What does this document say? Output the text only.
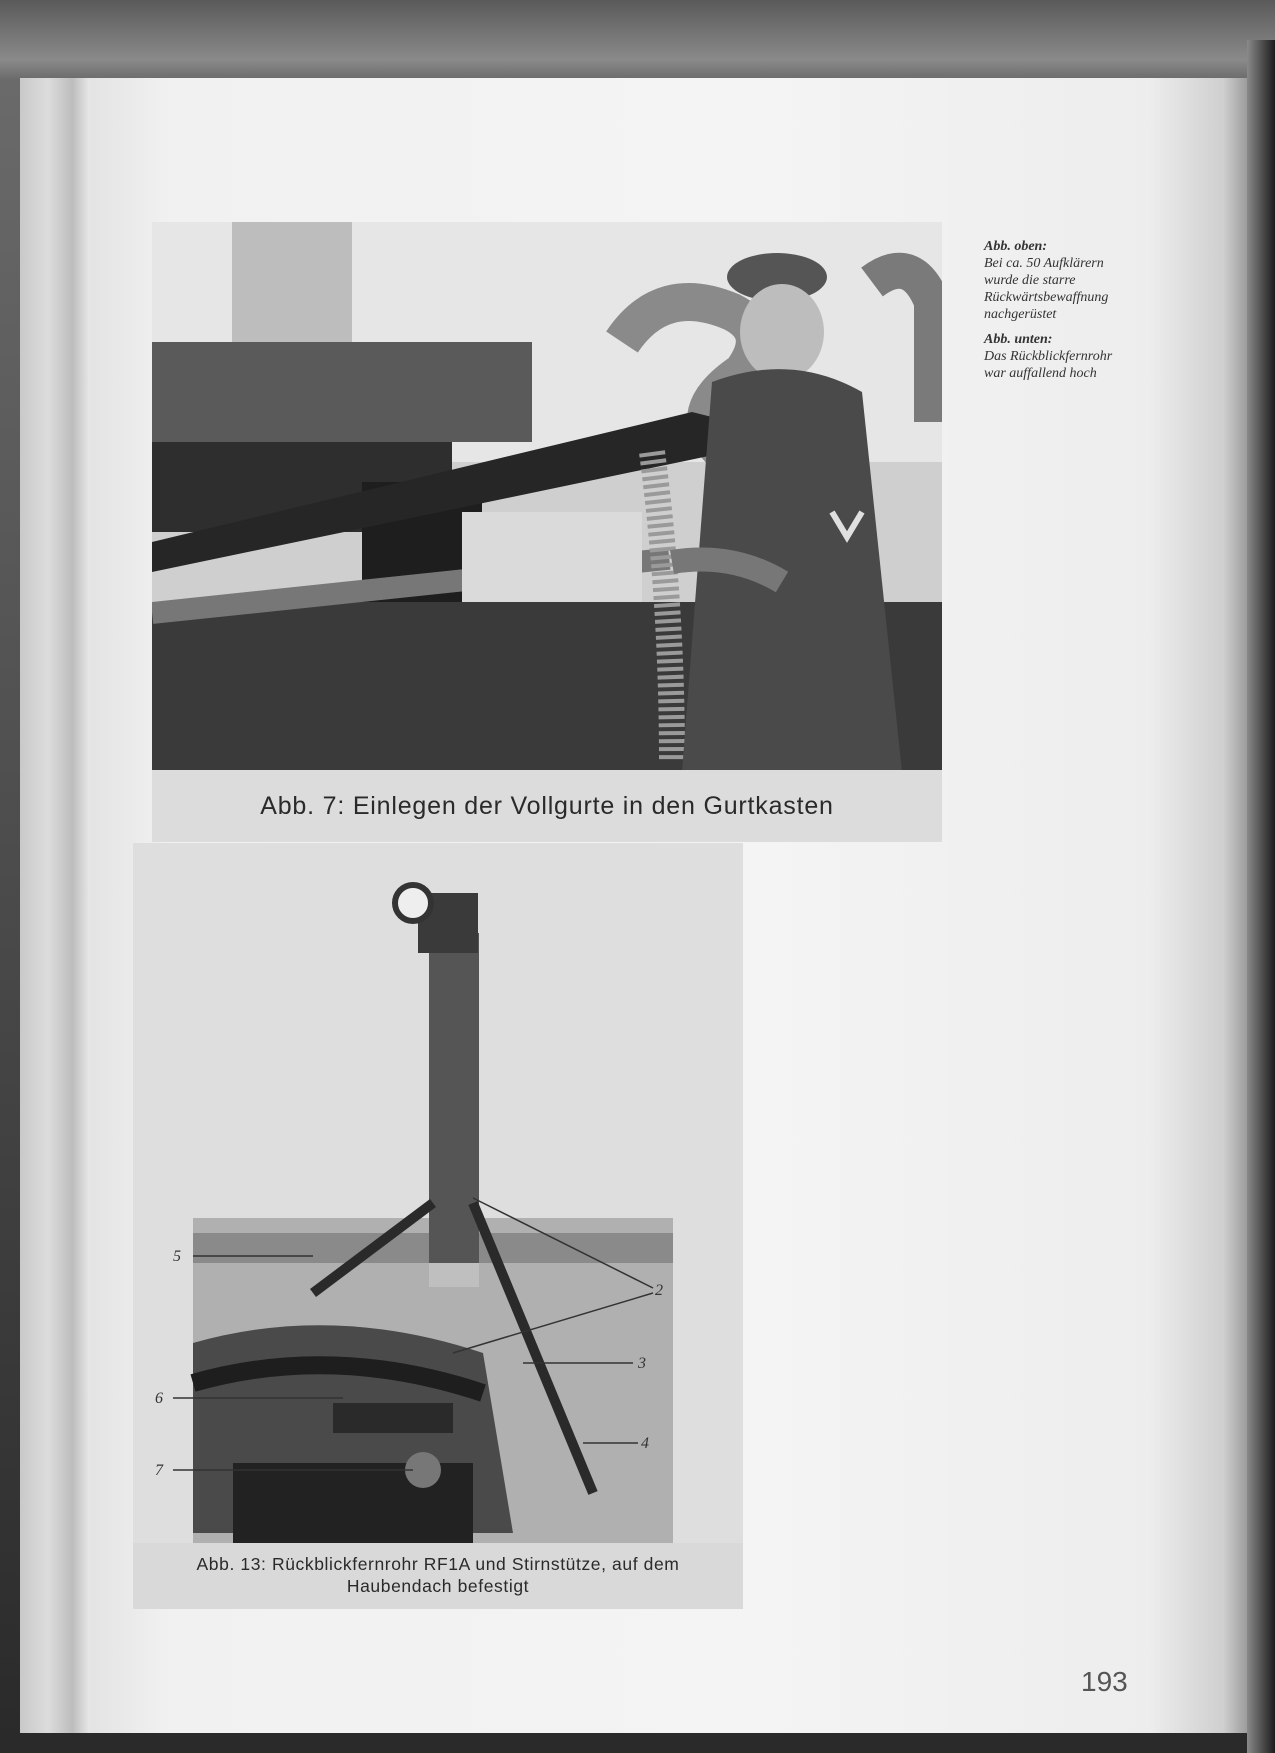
Abb. 7: Einlegen der Vollgurte in den Gurtkasten
5
2
3
6
4
7
Abb. 13: Rückblickfernrohr RF1A und Stirnstütze, auf dem
Haubendach befestigt
Abb. oben:
Bei ca. 50 Aufklärern
wurde die starre
Rückwärtsbewaffnung
nachgerüstet
Abb. unten:
Das Rückblickfernrohr
war auffallend hoch
193
